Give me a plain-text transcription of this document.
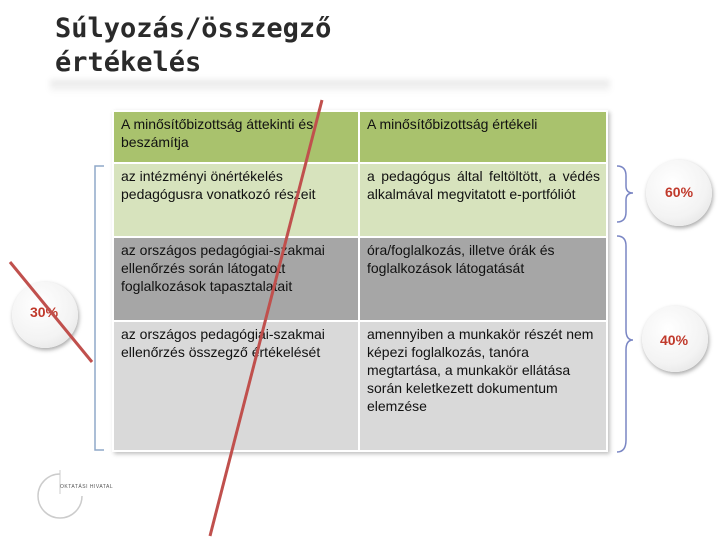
Súlyozás/összegző
értékelés
A minősítőbizottság áttekinti és beszámítja	A minősítőbizottság értékeli
az intézményi önértékelés pedagógusra vonatkozó részeit	a pedagógus által feltöltött, a védés alkalmával megvitatott e-portfóliót
az országos pedagógiai-szakmai ellenőrzés során látogatott foglalkozások tapasztalatait	óra/foglalkozás, illetve órák és foglalkozások látogatását
az országos pedagógiai-szakmai ellenőrzés összegző értékelését	amennyiben a munkakör részét nem képezi foglalkozás, tanóra megtartása, a munkakör ellátása során keletkezett dokumentum elemzése
30%
60%
40%
OKTATÁSI HIVATAL
